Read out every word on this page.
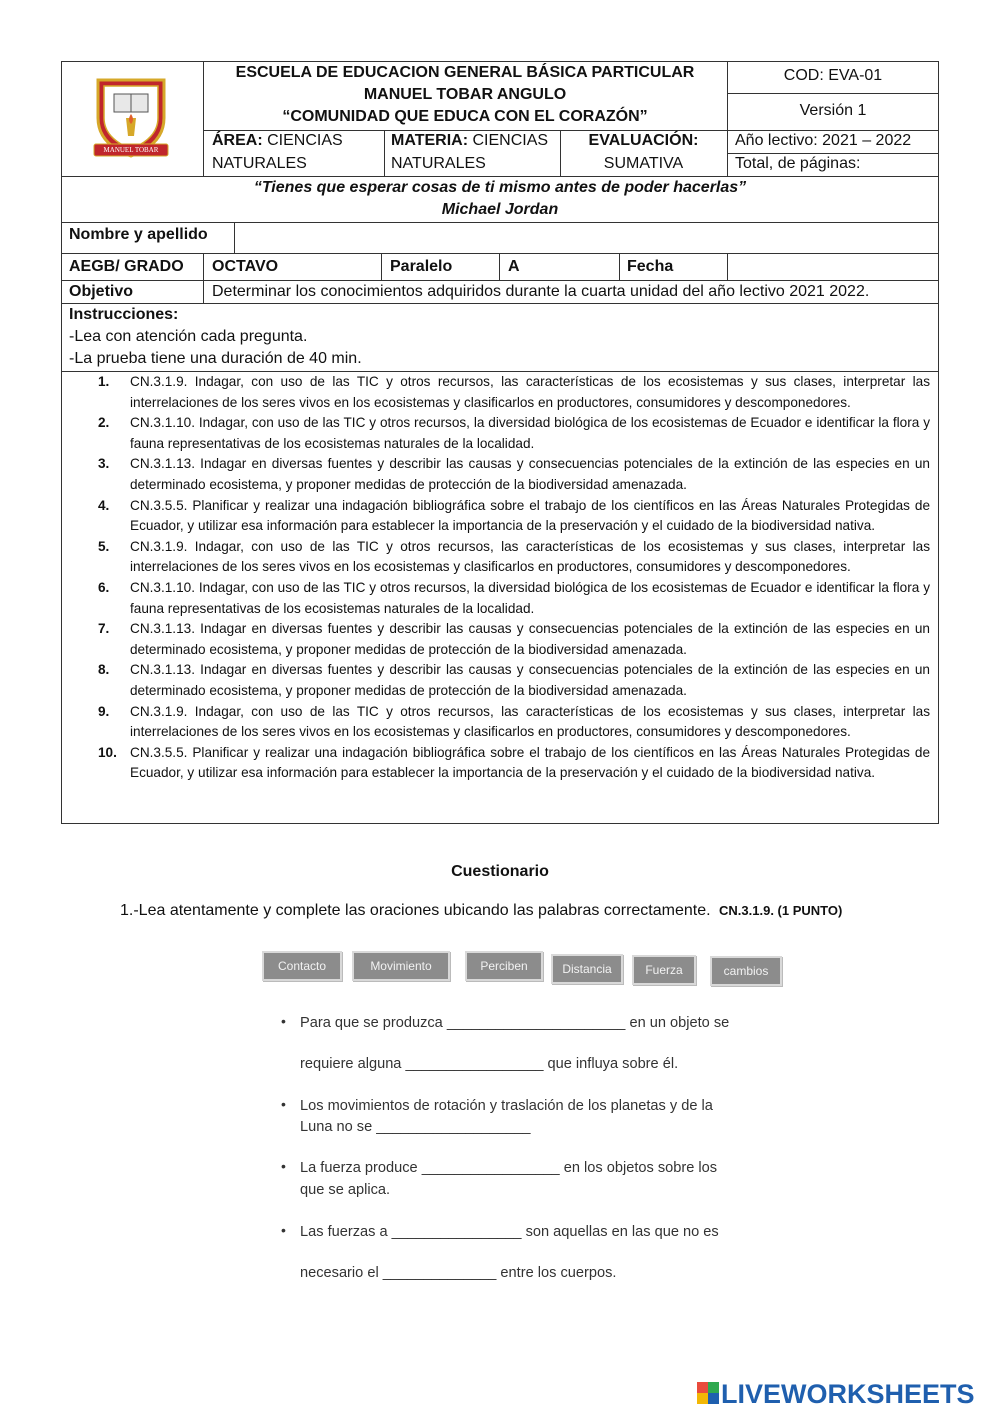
MANUEL TOBAR
ESCUELA DE EDUCACION GENERAL BÁSICA PARTICULAR
MANUEL TOBAR ANGULO
“COMUNIDAD QUE EDUCA CON EL CORAZÓN”
COD: EVA-01
Versión 1
ÁREA: CIENCIAS
NATURALES
MATERIA: CIENCIAS
NATURALES
EVALUACIÓN:
SUMATIVA
Año lectivo: 2021 – 2022
Total, de páginas:
“Tienes que esperar cosas de ti mismo antes de poder hacerlas”
Michael Jordan
Nombre y apellido
AEGB/ GRADO OCTAVO	Paralelo	A	Fecha
Objetivo	Determinar los conocimientos adquiridos durante la cuarta unidad del año lectivo 2021 2022.
Instrucciones:
-Lea con atención cada pregunta.
-La prueba tiene una duración de 40 min.
1. CN.3.1.9. Indagar, con uso de las TIC y otros recursos, las características de los ecosistemas y sus clases, interpretar las interrelaciones de los seres vivos en los ecosistemas y clasificarlos en productores, consumidores y descomponedores.
2. CN.3.1.10. Indagar, con uso de las TIC y otros recursos, la diversidad biológica de los ecosistemas de Ecuador e identificar la flora y fauna representativas de los ecosistemas naturales de la localidad.
3. CN.3.1.13. Indagar en diversas fuentes y describir las causas y consecuencias potenciales de la extinción de las especies en un determinado ecosistema, y proponer medidas de protección de la biodiversidad amenazada.
4. CN.3.5.5. Planificar y realizar una indagación bibliográfica sobre el trabajo de los científicos en las Áreas Naturales Protegidas de Ecuador, y utilizar esa información para establecer la importancia de la preservación y el cuidado de la biodiversidad nativa.
5. CN.3.1.9. Indagar, con uso de las TIC y otros recursos, las características de los ecosistemas y sus clases, interpretar las interrelaciones de los seres vivos en los ecosistemas y clasificarlos en productores, consumidores y descomponedores.
6. CN.3.1.10. Indagar, con uso de las TIC y otros recursos, la diversidad biológica de los ecosistemas de Ecuador e identificar la flora y fauna representativas de los ecosistemas naturales de la localidad.
7. CN.3.1.13. Indagar en diversas fuentes y describir las causas y consecuencias potenciales de la extinción de las especies en un determinado ecosistema, y proponer medidas de protección de la biodiversidad amenazada.
8. CN.3.1.13. Indagar en diversas fuentes y describir las causas y consecuencias potenciales de la extinción de las especies en un determinado ecosistema, y proponer medidas de protección de la biodiversidad amenazada.
9. CN.3.1.9. Indagar, con uso de las TIC y otros recursos, las características de los ecosistemas y sus clases, interpretar las interrelaciones de los seres vivos en los ecosistemas y clasificarlos en productores, consumidores y descomponedores.
10. CN.3.5.5. Planificar y realizar una indagación bibliográfica sobre el trabajo de los científicos en las Áreas Naturales Protegidas de Ecuador, y utilizar esa información para establecer la importancia de la preservación y el cuidado de la biodiversidad nativa.
Cuestionario
1.-Lea atentamente y complete las oraciones ubicando las palabras correctamente. CN.3.1.9. (1 PUNTO)
Contacto	Movimiento	Perciben	Distancia	Fuerza	cambios
• Para que se produzca ______________________ en un objeto se
requiere alguna _________________ que influya sobre él.
• Los movimientos de rotación y traslación de los planetas y de la
Luna no se ___________________
• La fuerza produce _________________ en los objetos sobre los
que se aplica.
• Las fuerzas a ________________ son aquellas en las que no es
necesario el ______________ entre los cuerpos.
LIVEWORKSHEETS
